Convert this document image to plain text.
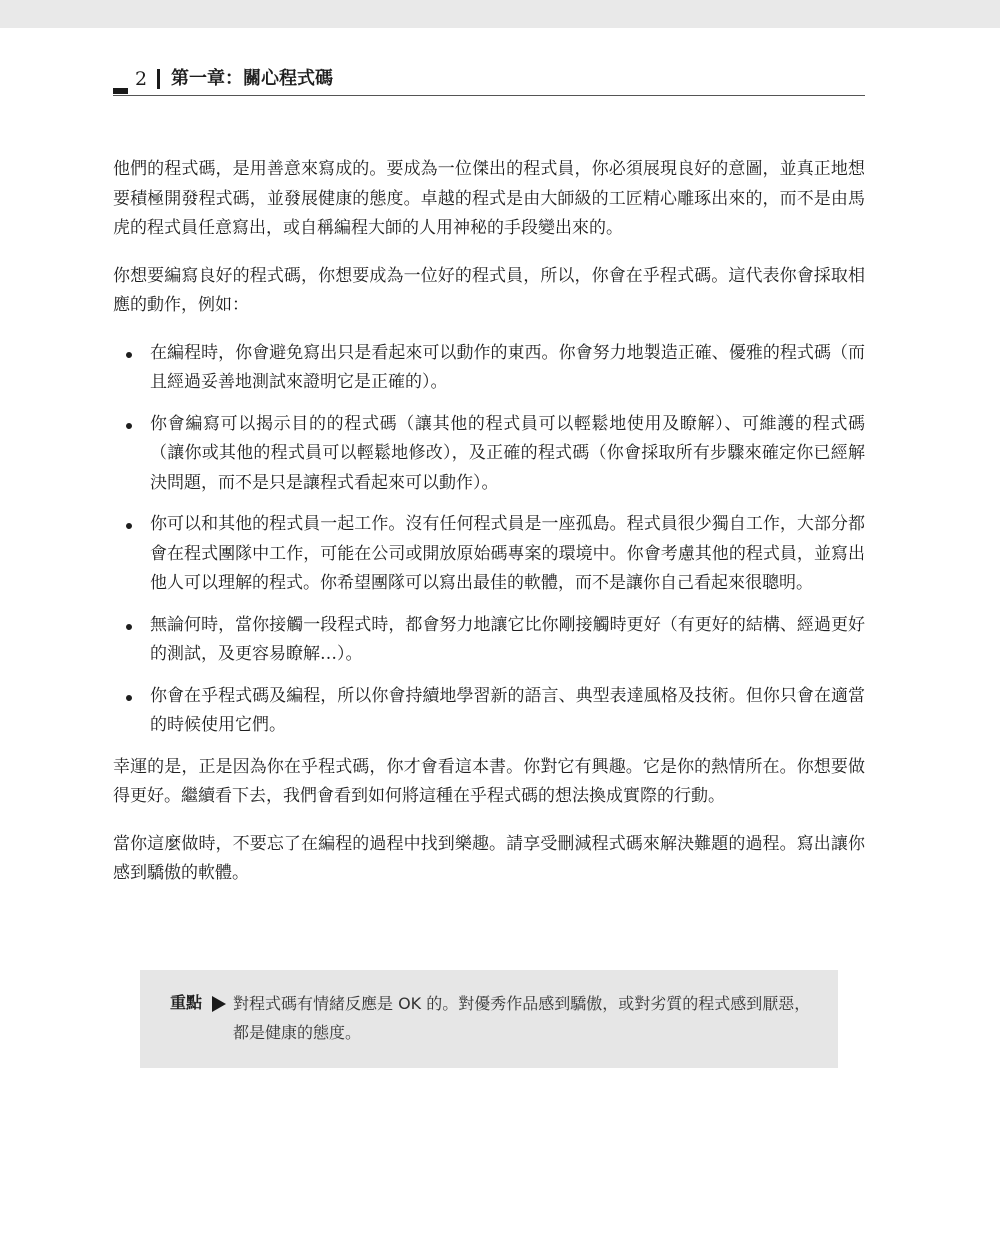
2 第一章：關心程式碼

他們的程式碼，是用善意來寫成的。要成為一位傑出的程式員，你必須展現良好的意圖，並真正地想要積極開發程式碼，並發展健康的態度。卓越的程式是由大師級的工匠精心雕琢出來的，而不是由馬虎的程式員任意寫出，或自稱編程大師的人用神秘的手段變出來的。

你想要編寫良好的程式碼，你想要成為一位好的程式員，所以，你會在乎程式碼。這代表你會採取相應的動作，例如：

在編程時，你會避免寫出只是看起來可以動作的東西。你會努力地製造正確、優雅的程式碼（而且經過妥善地測試來證明它是正確的）。
你會編寫可以揭示目的的程式碼（讓其他的程式員可以輕鬆地使用及瞭解）、可維護的程式碼（讓你或其他的程式員可以輕鬆地修改），及正確的程式碼（你會採取所有步驟來確定你已經解決問題，而不是只是讓程式看起來可以動作）。
你可以和其他的程式員一起工作。沒有任何程式員是一座孤島。程式員很少獨自工作，大部分都會在程式團隊中工作，可能在公司或開放原始碼專案的環境中。你會考慮其他的程式員，並寫出他人可以理解的程式。你希望團隊可以寫出最佳的軟體，而不是讓你自己看起來很聰明。
無論何時，當你接觸一段程式時，都會努力地讓它比你剛接觸時更好（有更好的結構、經過更好的測試，及更容易瞭解…）。
你會在乎程式碼及編程，所以你會持續地學習新的語言、典型表達風格及技術。但你只會在適當的時候使用它們。

幸運的是，正是因為你在乎程式碼，你才會看這本書。你對它有興趣。它是你的熱情所在。你想要做得更好。繼續看下去，我們會看到如何將這種在乎程式碼的想法換成實際的行動。

當你這麼做時，不要忘了在編程的過程中找到樂趣。請享受刪減程式碼來解決難題的過程。寫出讓你感到驕傲的軟體。

重點 對程式碼有情緒反應是 OK 的。對優秀作品感到驕傲，或對劣質的程式感到厭惡，都是健康的態度。
